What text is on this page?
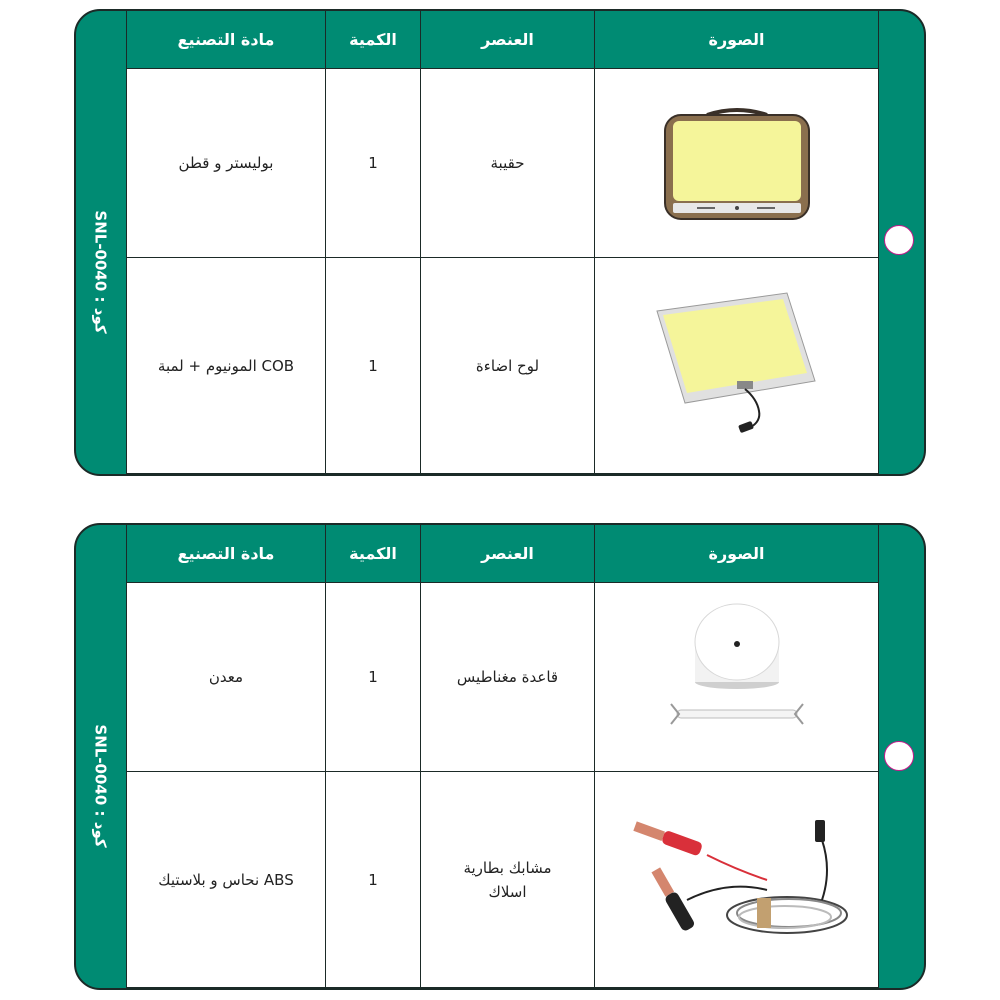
SNL-0040 : كود
مادة التصنيع	الكمية	العنصر	الصورة
بوليستر و قطن	1	حقيبة	

المونيوم + لمبة COB	1	لوح اضاءة	
SNL-0040 : كود
مادة التصنيع	الكمية	العنصر	الصورة
معدن	1	قاعدة مغناطيس	

نحاس و بلاستيك ABS	1	مشابك بطارية
اسلاك
